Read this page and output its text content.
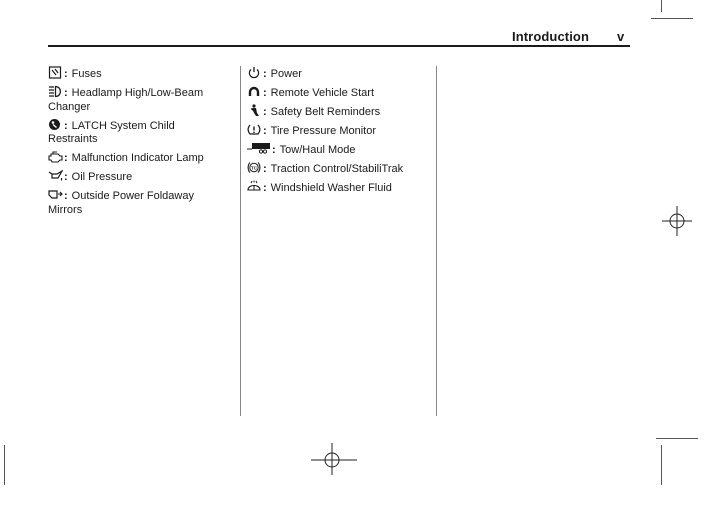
Introduction v
: Fuses
: Headlamp High/Low-Beam Changer
: LATCH System Child Restraints
: Malfunction Indicator Lamp
: Oil Pressure
: Outside Power Foldaway Mirrors
: Power
: Remote Vehicle Start
: Safety Belt Reminders
: Tire Pressure Monitor
: Tow/Haul Mode
TC : Traction Control/StabiliTrak
: Windshield Washer Fluid
